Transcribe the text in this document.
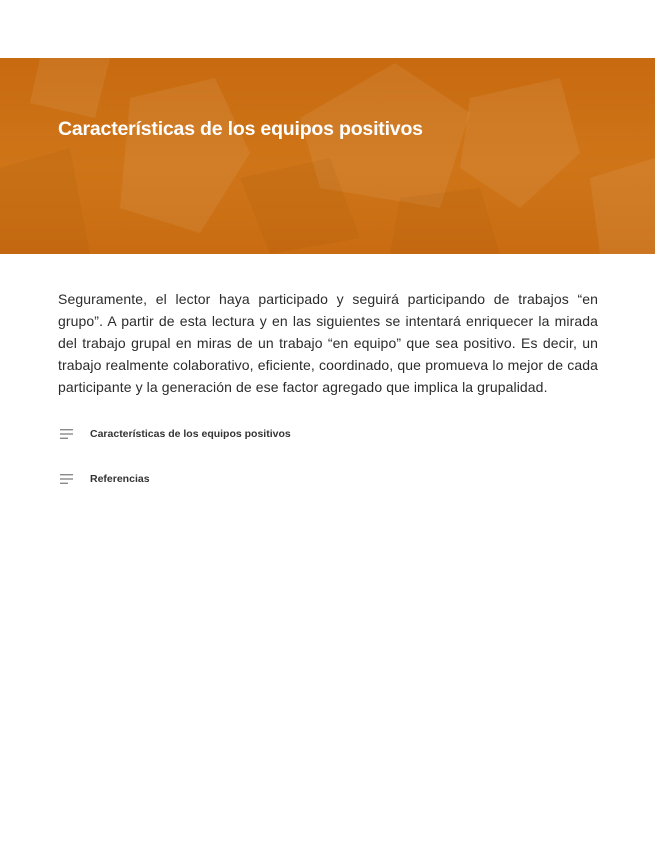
Características de los equipos positivos

Seguramente, el lector haya participado y seguirá participando de trabajos “en grupo”. A partir de esta lectura y en las siguientes se intentará enriquecer la mirada del trabajo grupal en miras de un trabajo “en equipo” que sea positivo. Es decir, un trabajo realmente colaborativo, eficiente, coordinado, que promueva lo mejor de cada participante y la generación de ese factor agregado que implica la grupalidad.

Características de los equipos positivos
Referencias
